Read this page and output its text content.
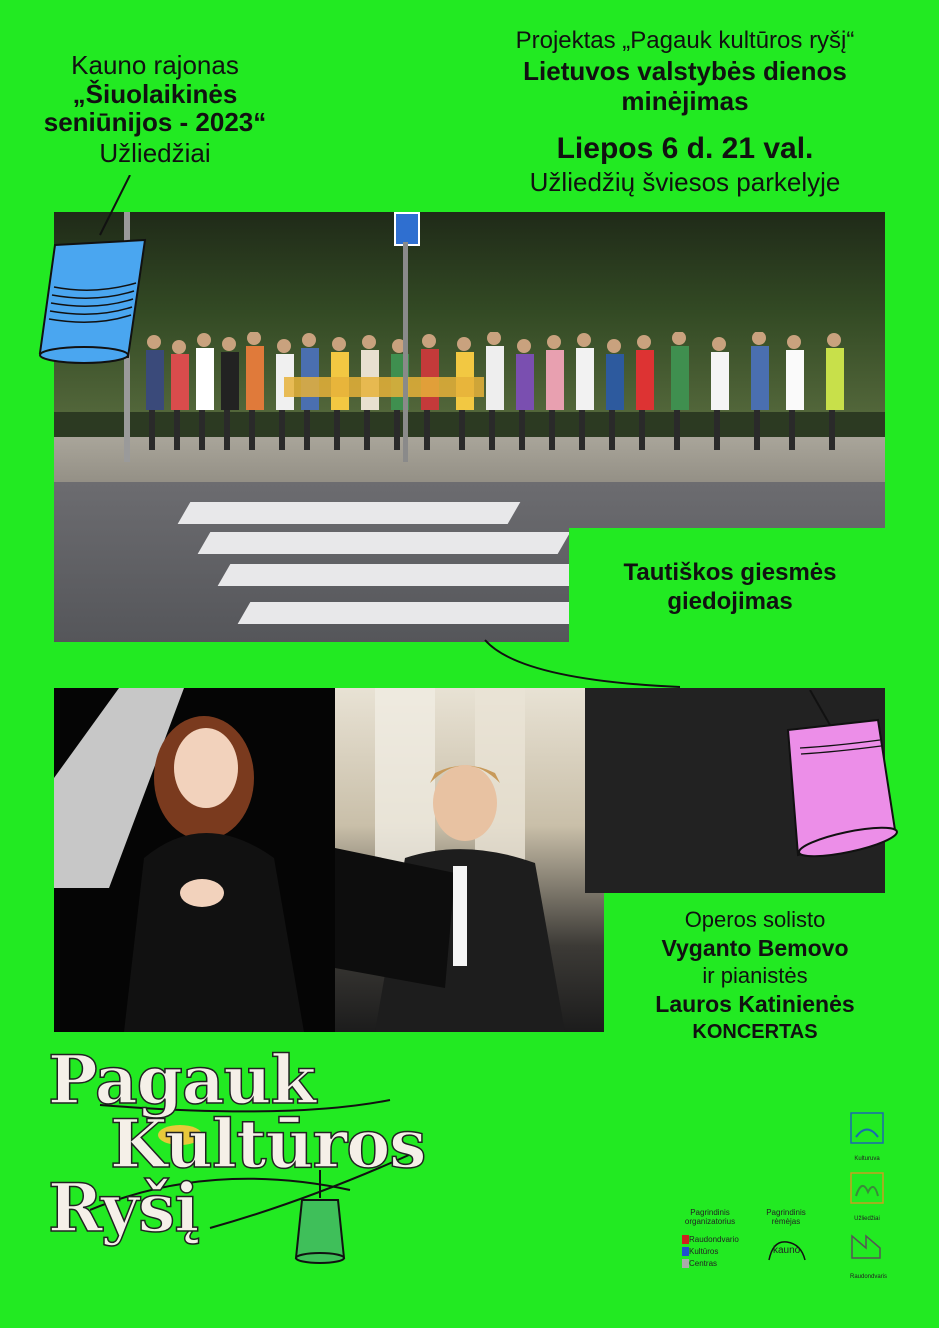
Kauno rajonas
„Šiuolaikinės
seniūnijos - 2023“
Užliedžiai
Projektas „Pagauk kultūros ryšį“
Lietuvos valstybės dienos
minėjimas
Liepos 6 d. 21 val.
Užliedžių šviesos parkelyje
Tautiškos giesmės
giedojimas
Operos solisto
Vyganto Bemovo
ir pianistės
Lauros Katinienės
KONCERTAS
Pagauk
Kultūros
Ryšį	Pagrindinis organizatorius
Raudondvario
Kultūros
Centras
Pagrindinis rėmėjas
kauno
Kulturuva
Užliedžiai
Raudondvaris
